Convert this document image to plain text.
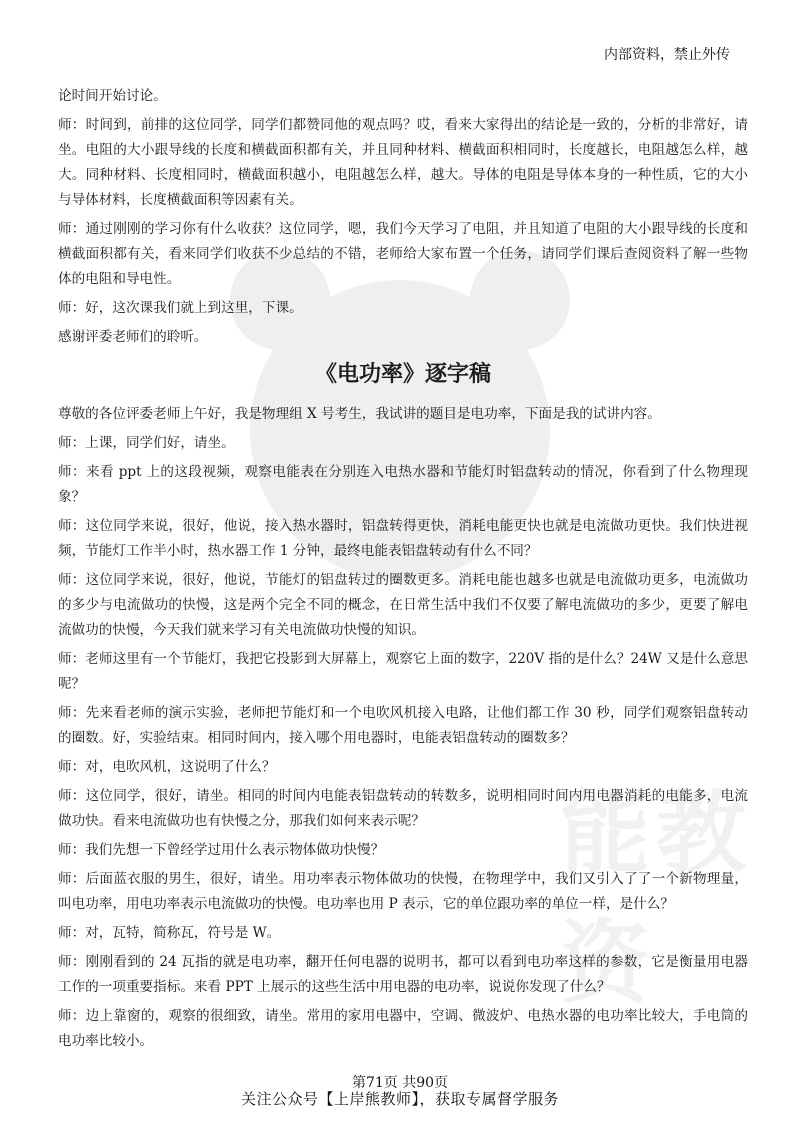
内部资料，禁止外传
能教资

论时间开始讨论。

师：时间到，前排的这位同学，同学们都赞同他的观点吗？哎，看来大家得出的结论是一致的，分析的非常好，请坐。电阻的大小跟导线的长度和横截面积都有关，并且同种材料、横截面积相同时，长度越长，电阻越怎么样，越大。同种材料、长度相同时，横截面积越小，电阻越怎么样，越大。导体的电阻是导体本身的一种性质，它的大小与导体材料，长度横截面积等因素有关。

师：通过刚刚的学习你有什么收获？这位同学，嗯，我们今天学习了电阻，并且知道了电阻的大小跟导线的长度和横截面积都有关，看来同学们收获不少总结的不错，老师给大家布置一个任务，请同学们课后查阅资料了解一些物体的电阻和导电性。

师：好，这次课我们就上到这里，下课。

感谢评委老师们的聆听。

《电功率》逐字稿

尊敬的各位评委老师上午好，我是物理组 X 号考生，我试讲的题目是电功率，下面是我的试讲内容。

师：上课，同学们好，请坐。

师：来看 ppt 上的这段视频，观察电能表在分别连入电热水器和节能灯时铝盘转动的情况，你看到了什么物理现象？

师：这位同学来说，很好，他说，接入热水器时，铝盘转得更快，消耗电能更快也就是电流做功更快。我们快进视频，节能灯工作半小时，热水器工作 1 分钟，最终电能表铝盘转动有什么不同？

师：这位同学来说，很好，他说，节能灯的铝盘转过的圈数更多。消耗电能也越多也就是电流做功更多，电流做功的多少与电流做功的快慢，这是两个完全不同的概念，在日常生活中我们不仅要了解电流做功的多少，更要了解电流做功的快慢，今天我们就来学习有关电流做功快慢的知识。

师：老师这里有一个节能灯，我把它投影到大屏幕上，观察它上面的数字，220V 指的是什么？24W 又是什么意思呢？

师：先来看老师的演示实验，老师把节能灯和一个电吹风机接入电路，让他们都工作 30 秒，同学们观察铝盘转动的圈数。好，实验结束。相同时间内，接入哪个用电器时，电能表铝盘转动的圈数多？

师：对，电吹风机，这说明了什么？

师：这位同学，很好，请坐。相同的时间内电能表铝盘转动的转数多，说明相同时间内用电器消耗的电能多，电流做功快。看来电流做功也有快慢之分，那我们如何来表示呢？

师：我们先想一下曾经学过用什么表示物体做功快慢？

师：后面蓝衣服的男生，很好，请坐。用功率表示物体做功的快慢，在物理学中，我们又引入了了一个新物理量，叫电功率，用电功率表示电流做功的快慢。电功率也用 P 表示，它的单位跟功率的单位一样，是什么？

师：对，瓦特，简称瓦，符号是 W。

师：刚刚看到的 24 瓦指的就是电功率，翻开任何电器的说明书，都可以看到电功率这样的参数，它是衡量用电器工作的一项重要指标。来看 PPT 上展示的这些生活中用电器的电功率，说说你发现了什么？

师：边上靠窗的，观察的很细致，请坐。常用的家用电器中，空调、微波炉、电热水器的电功率比较大，手电筒的电功率比较小。

第71页 共90页
关注公众号【上岸熊教师】，获取专属督学服务
